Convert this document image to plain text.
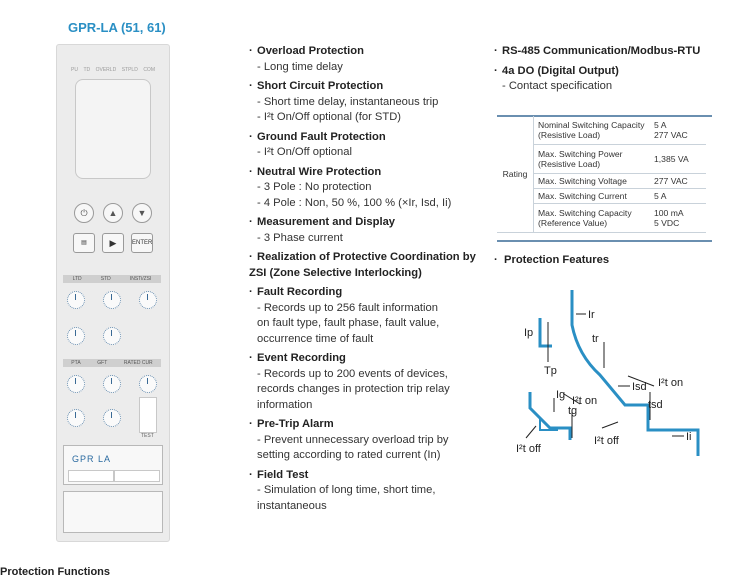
GPR-LA (51, 61)
PU TD OVERLD STPLD COM
⏻	▲	▼
▤	▶	ENTER
LTD	STD	INSTi/ZSI
PTA	GFT	RATED CUR
TEST
GPR LA
· Overload Protection
- Long time delay
· Short Circuit Protection
- Short time delay, instantaneous trip
- I²t On/Off optional (for STD)
· Ground Fault Protection
- I²t On/Off optional
· Neutral Wire Protection
- 3 Pole : No protection
- 4 Pole : Non, 50 %, 100 % (×Ir, Isd, Ii)
· Measurement and Display
- 3 Phase current
· Realization of Protective Coordination by ZSI (Zone Selective Interlocking)
· Fault Recording
- Records up to 256 fault information
on fault type, fault phase, fault value,
occurrence time of fault
· Event Recording
- Records up to 200 events of devices,
records changes in protection trip relay
information
· Pre-Trip Alarm
- Prevent unnecessary overload trip by
setting according to rated current (In)
· Field Test
- Simulation of long time, short time,
instantaneous
· RS-485 Communication/Modbus-RTU
· 4a DO (Digital Output)
- Contact specification
Rating	Nominal Switching Capacity (Resistive Load)	5 A
277 VAC
	Max. Switching Power (Resistive Load)	1,385 VA
	Max. Switching Voltage	277 VAC
	Max. Switching Current	5 A
	Max. Switching Capacity (Reference Value)	100 mA
5 VDC
· Protection Features
Ir
Ip
Tp
tr
Isd I²t on
tsd
Ii
Ig I²t on
tg
I²t off
I²t off
Protection Functions
